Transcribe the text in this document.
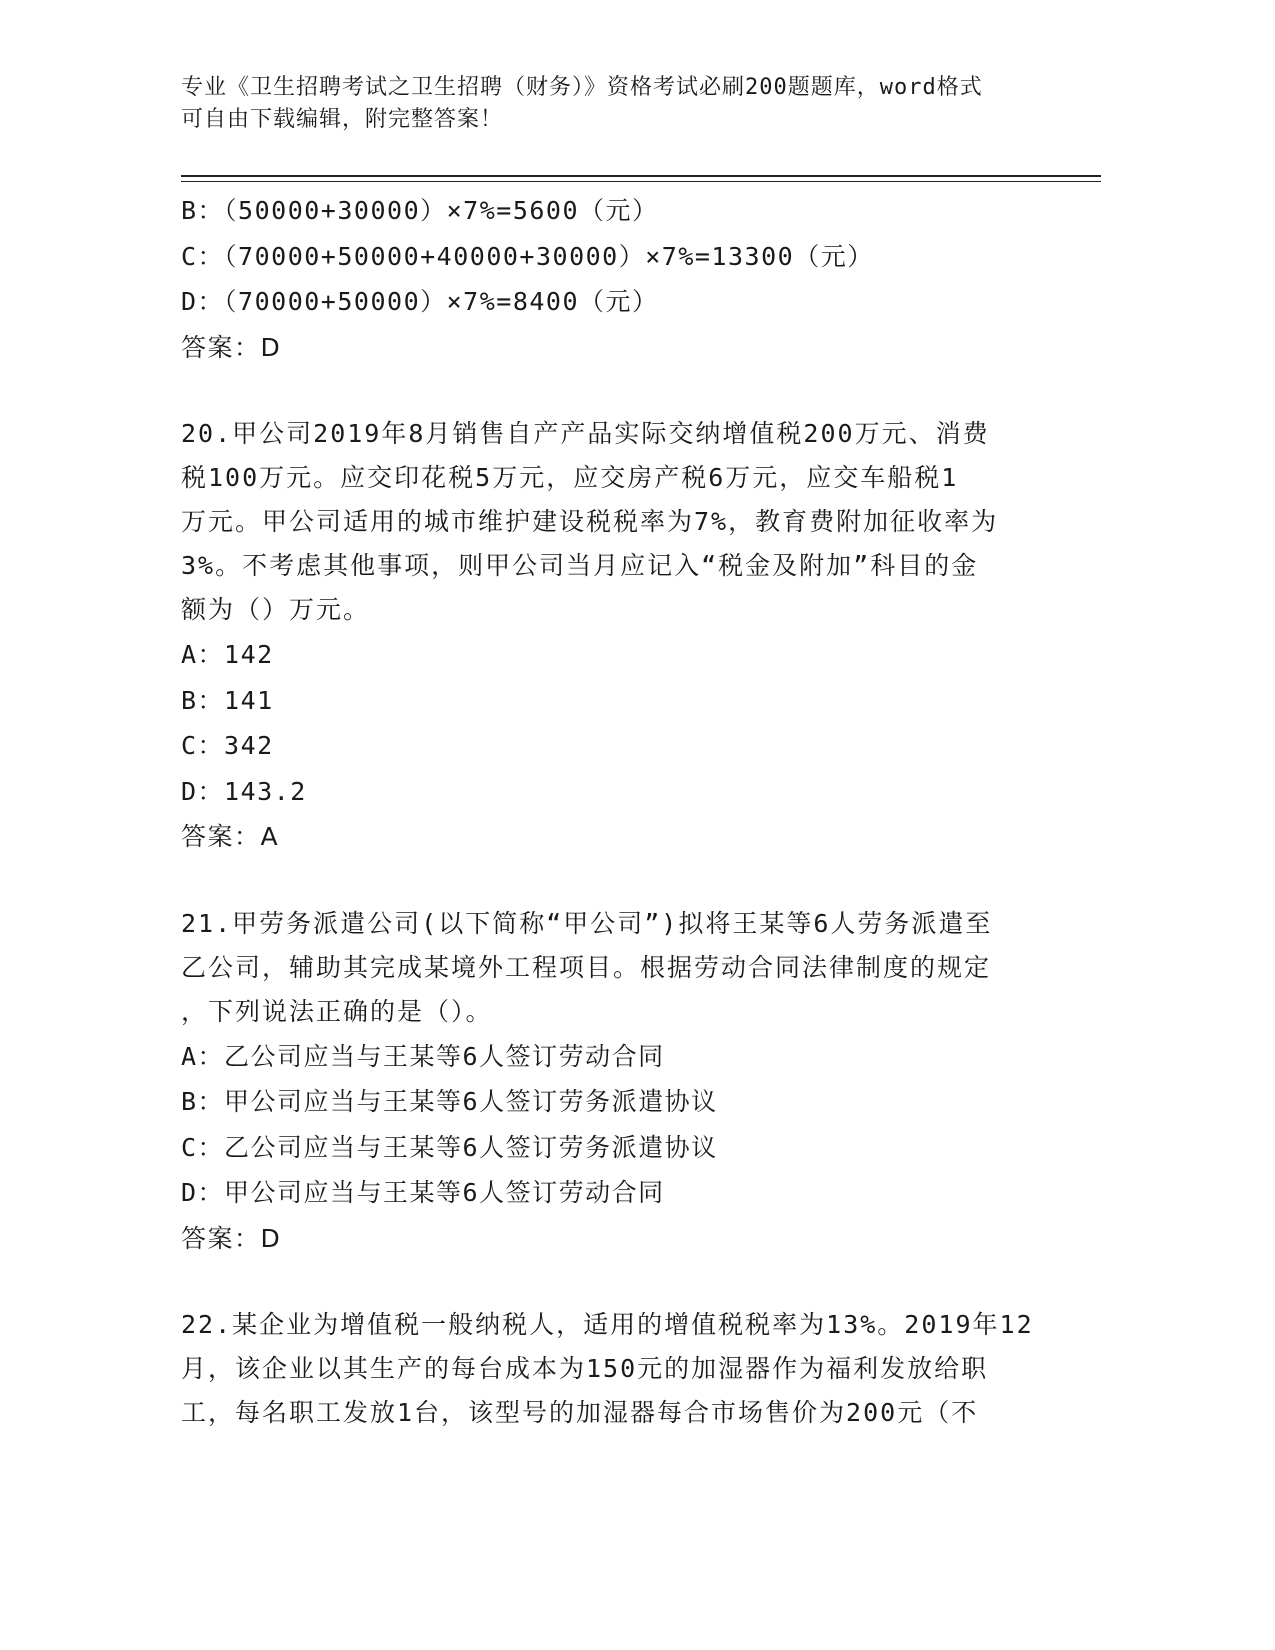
专业《卫生招聘考试之卫生招聘（财务）》资格考试必刷200题题库，word格式
可自由下载编辑，附完整答案！
B：（50000+30000）×7%=5600（元）
C：（70000+50000+40000+30000）×7%=13300（元）
D：（70000+50000）×7%=8400（元）
答案：D
20.甲公司2019年8月销售自产产品实际交纳增值税200万元、消费
税100万元。应交印花税5万元，应交房产税6万元，应交车船税1
万元。甲公司适用的城市维护建设税税率为7%，教育费附加征收率为
3%。不考虑其他事项，则甲公司当月应记入“税金及附加”科目的金
额为（）万元。
A：142
B：141
C：342
D：143.2
答案：A
21.甲劳务派遣公司(以下简称“甲公司”)拟将王某等6人劳务派遣至
乙公司，辅助其完成某境外工程项目。根据劳动合同法律制度的规定
，下列说法正确的是（）。
A：乙公司应当与王某等6人签订劳动合同
B：甲公司应当与王某等6人签订劳务派遣协议
C：乙公司应当与王某等6人签订劳务派遣协议
D：甲公司应当与王某等6人签订劳动合同
答案：D
22.某企业为增值税一般纳税人，适用的增值税税率为13%。2019年12
月，该企业以其生产的每台成本为150元的加湿器作为福利发放给职
工，每名职工发放1台，该型号的加湿器每合市场售价为200元（不
